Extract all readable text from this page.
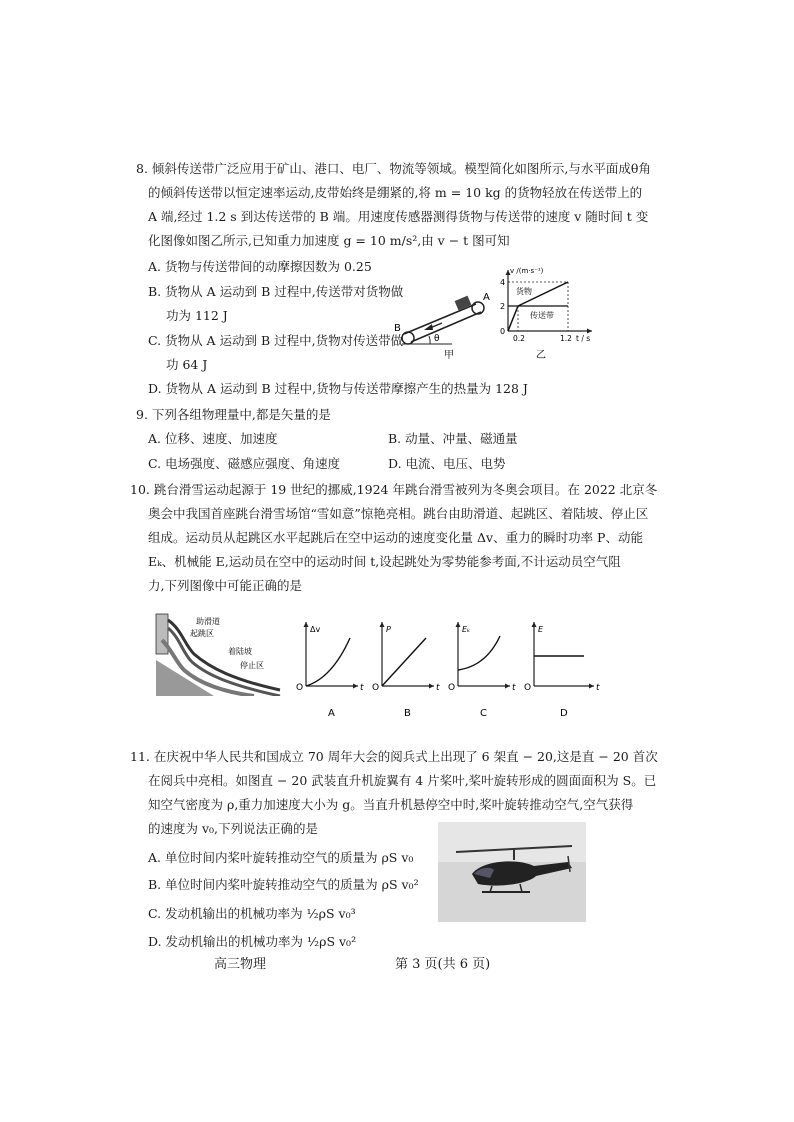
8. 倾斜传送带广泛应用于矿山、港口、电厂、物流等领域。模型简化如图所示,与水平面成θ角
的倾斜传送带以恒定速率运动,皮带始终是绷紧的,将 m = 10 kg 的货物轻放在传送带上的
A 端,经过 1.2 s 到达传送带的 B 端。用速度传感器测得货物与传送带的速度 v 随时间 t 变
化图像如图乙所示,已知重力加速度 g = 10 m/s²,由 v − t 图可知
A. 货物与传送带间的动摩擦因数为 0.25
B. 货物从 A 运动到 B 过程中,传送带对货物做
功为 112 J
C. 货物从 A 运动到 B 过程中,货物对传送带做
功 64 J
D. 货物从 A 运动到 B 过程中,货物与传送带摩擦产生的热量为 128 J
A
B
θ
甲
v /(m·s⁻¹)
4
2
0
0.2	1.2 t / s
货物
传送带
乙
9. 下列各组物理量中,都是矢量的是
A. 位移、速度、加速度	B. 动量、冲量、磁通量
C. 电场强度、磁感应强度、角速度	D. 电流、电压、电势
10. 跳台滑雪运动起源于 19 世纪的挪威,1924 年跳台滑雪被列为冬奥会项目。在 2022 北京冬
奥会中我国首座跳台滑雪场馆“雪如意”惊艳亮相。跳台由助滑道、起跳区、着陆坡、停止区
组成。运动员从起跳区水平起跳后在空中运动的速度变化量 Δv、重力的瞬时功率 P、动能
Eₖ、机械能 E,运动员在空中的运动时间 t,设起跳处为零势能参考面,不计运动员空气阻
力,下列图像中可能正确的是
助滑道
起跳区
着陆坡
停止区
Δv
O	t
A
P
O	t
B
Eₖ
O	t
C
E
O	t
D
11. 在庆祝中华人民共和国成立 70 周年大会的阅兵式上出现了 6 架直 − 20,这是直 − 20 首次
在阅兵中亮相。如图直 − 20 武装直升机旋翼有 4 片桨叶,桨叶旋转形成的圆面面积为 S。已
知空气密度为 ρ,重力加速度大小为 g。当直升机悬停空中时,桨叶旋转推动空气,空气获得
的速度为 v₀,下列说法正确的是
A. 单位时间内桨叶旋转推动空气的质量为 ρS v₀
B. 单位时间内桨叶旋转推动空气的质量为 ρS v₀²
C. 发动机输出的机械功率为 ½ρS v₀³
D. 发动机输出的机械功率为 ½ρS v₀²
高三物理	第 3 页(共 6 页)
